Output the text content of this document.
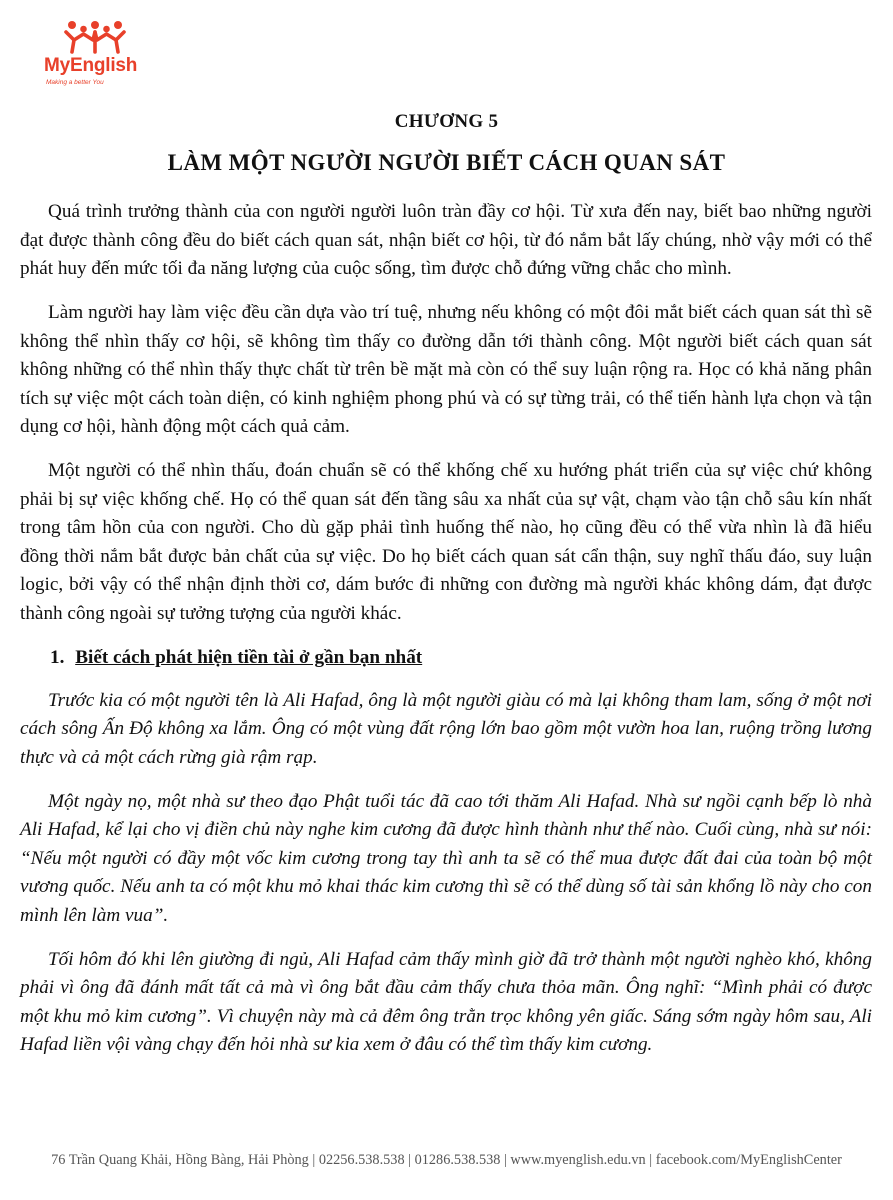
MyEnglish
Making a better You
CHƯƠNG 5
LÀM MỘT NGƯỜI NGƯỜI BIẾT CÁCH QUAN SÁT

Quá trình trưởng thành của con người người luôn tràn đầy cơ hội. Từ xưa đến nay, biết bao những người đạt được thành công đều do biết cách quan sát, nhận biết cơ hội, từ đó nắm bắt lấy chúng, nhờ vậy mới có thể phát huy đến mức tối đa năng lượng của cuộc sống, tìm được chỗ đứng vững chắc cho mình.

Làm người hay làm việc đều cần dựa vào trí tuệ, nhưng nếu không có một đôi mắt biết cách quan sát thì sẽ không thể nhìn thấy cơ hội, sẽ không tìm thấy co đường dẫn tới thành công. Một người biết cách quan sát không những có thể nhìn thấy thực chất từ trên bề mặt mà còn có thể suy luận rộng ra. Học có khả năng phân tích sự việc một cách toàn diện, có kinh nghiệm phong phú và có sự từng trải, có thể tiến hành lựa chọn và tận dụng cơ hội, hành động một cách quả cảm.

Một người có thể nhìn thấu, đoán chuẩn sẽ có thể khống chế xu hướng phát triển của sự việc chứ không phải bị sự việc khống chế. Họ có thể quan sát đến tầng sâu xa nhất của sự vật, chạm vào tận chỗ sâu kín nhất trong tâm hồn của con người. Cho dù gặp phải tình huống thế nào, họ cũng đều có thể vừa nhìn là đã hiểu đồng thời nắm bắt được bản chất của sự việc. Do họ biết cách quan sát cẩn thận, suy nghĩ thấu đáo, suy luận logic, bởi vậy có thể nhận định thời cơ, dám bước đi những con đường mà người khác không dám, đạt được thành công ngoài sự tưởng tượng của người khác.

1. Biết cách phát hiện tiền tài ở gần bạn nhất

Trước kia có một người tên là Ali Hafad, ông là một người giàu có mà lại không tham lam, sống ở một nơi cách sông Ấn Độ không xa lắm. Ông có một vùng đất rộng lớn bao gồm một vườn hoa lan, ruộng trồng lương thực và cả một cách rừng già rậm rạp.

Một ngày nọ, một nhà sư theo đạo Phật tuổi tác đã cao tới thăm Ali Hafad. Nhà sư ngồi cạnh bếp lò nhà Ali Hafad, kể lại cho vị điền chủ này nghe kim cương đã được hình thành như thế nào. Cuối cùng, nhà sư nói: “Nếu một người có đầy một vốc kim cương trong tay thì anh ta sẽ có thể mua được đất đai của toàn bộ một vương quốc. Nếu anh ta có một khu mỏ khai thác kim cương thì sẽ có thể dùng số tài sản khổng lồ này cho con mình lên làm vua”.

Tối hôm đó khi lên giường đi ngủ, Ali Hafad cảm thấy mình giờ đã trở thành một người nghèo khó, không phải vì ông đã đánh mất tất cả mà vì ông bắt đầu cảm thấy chưa thỏa mãn. Ông nghĩ: “Mình phải có được một khu mỏ kim cương”. Vì chuyện này mà cả đêm ông trằn trọc không yên giấc. Sáng sớm ngày hôm sau, Ali Hafad liền vội vàng chạy đến hỏi nhà sư kia xem ở đâu có thể tìm thấy kim cương.

76 Trần Quang Khải, Hồng Bàng, Hải Phòng | 02256.538.538 | 01286.538.538 | www.myenglish.edu.vn | facebook.com/MyEnglishCenter
